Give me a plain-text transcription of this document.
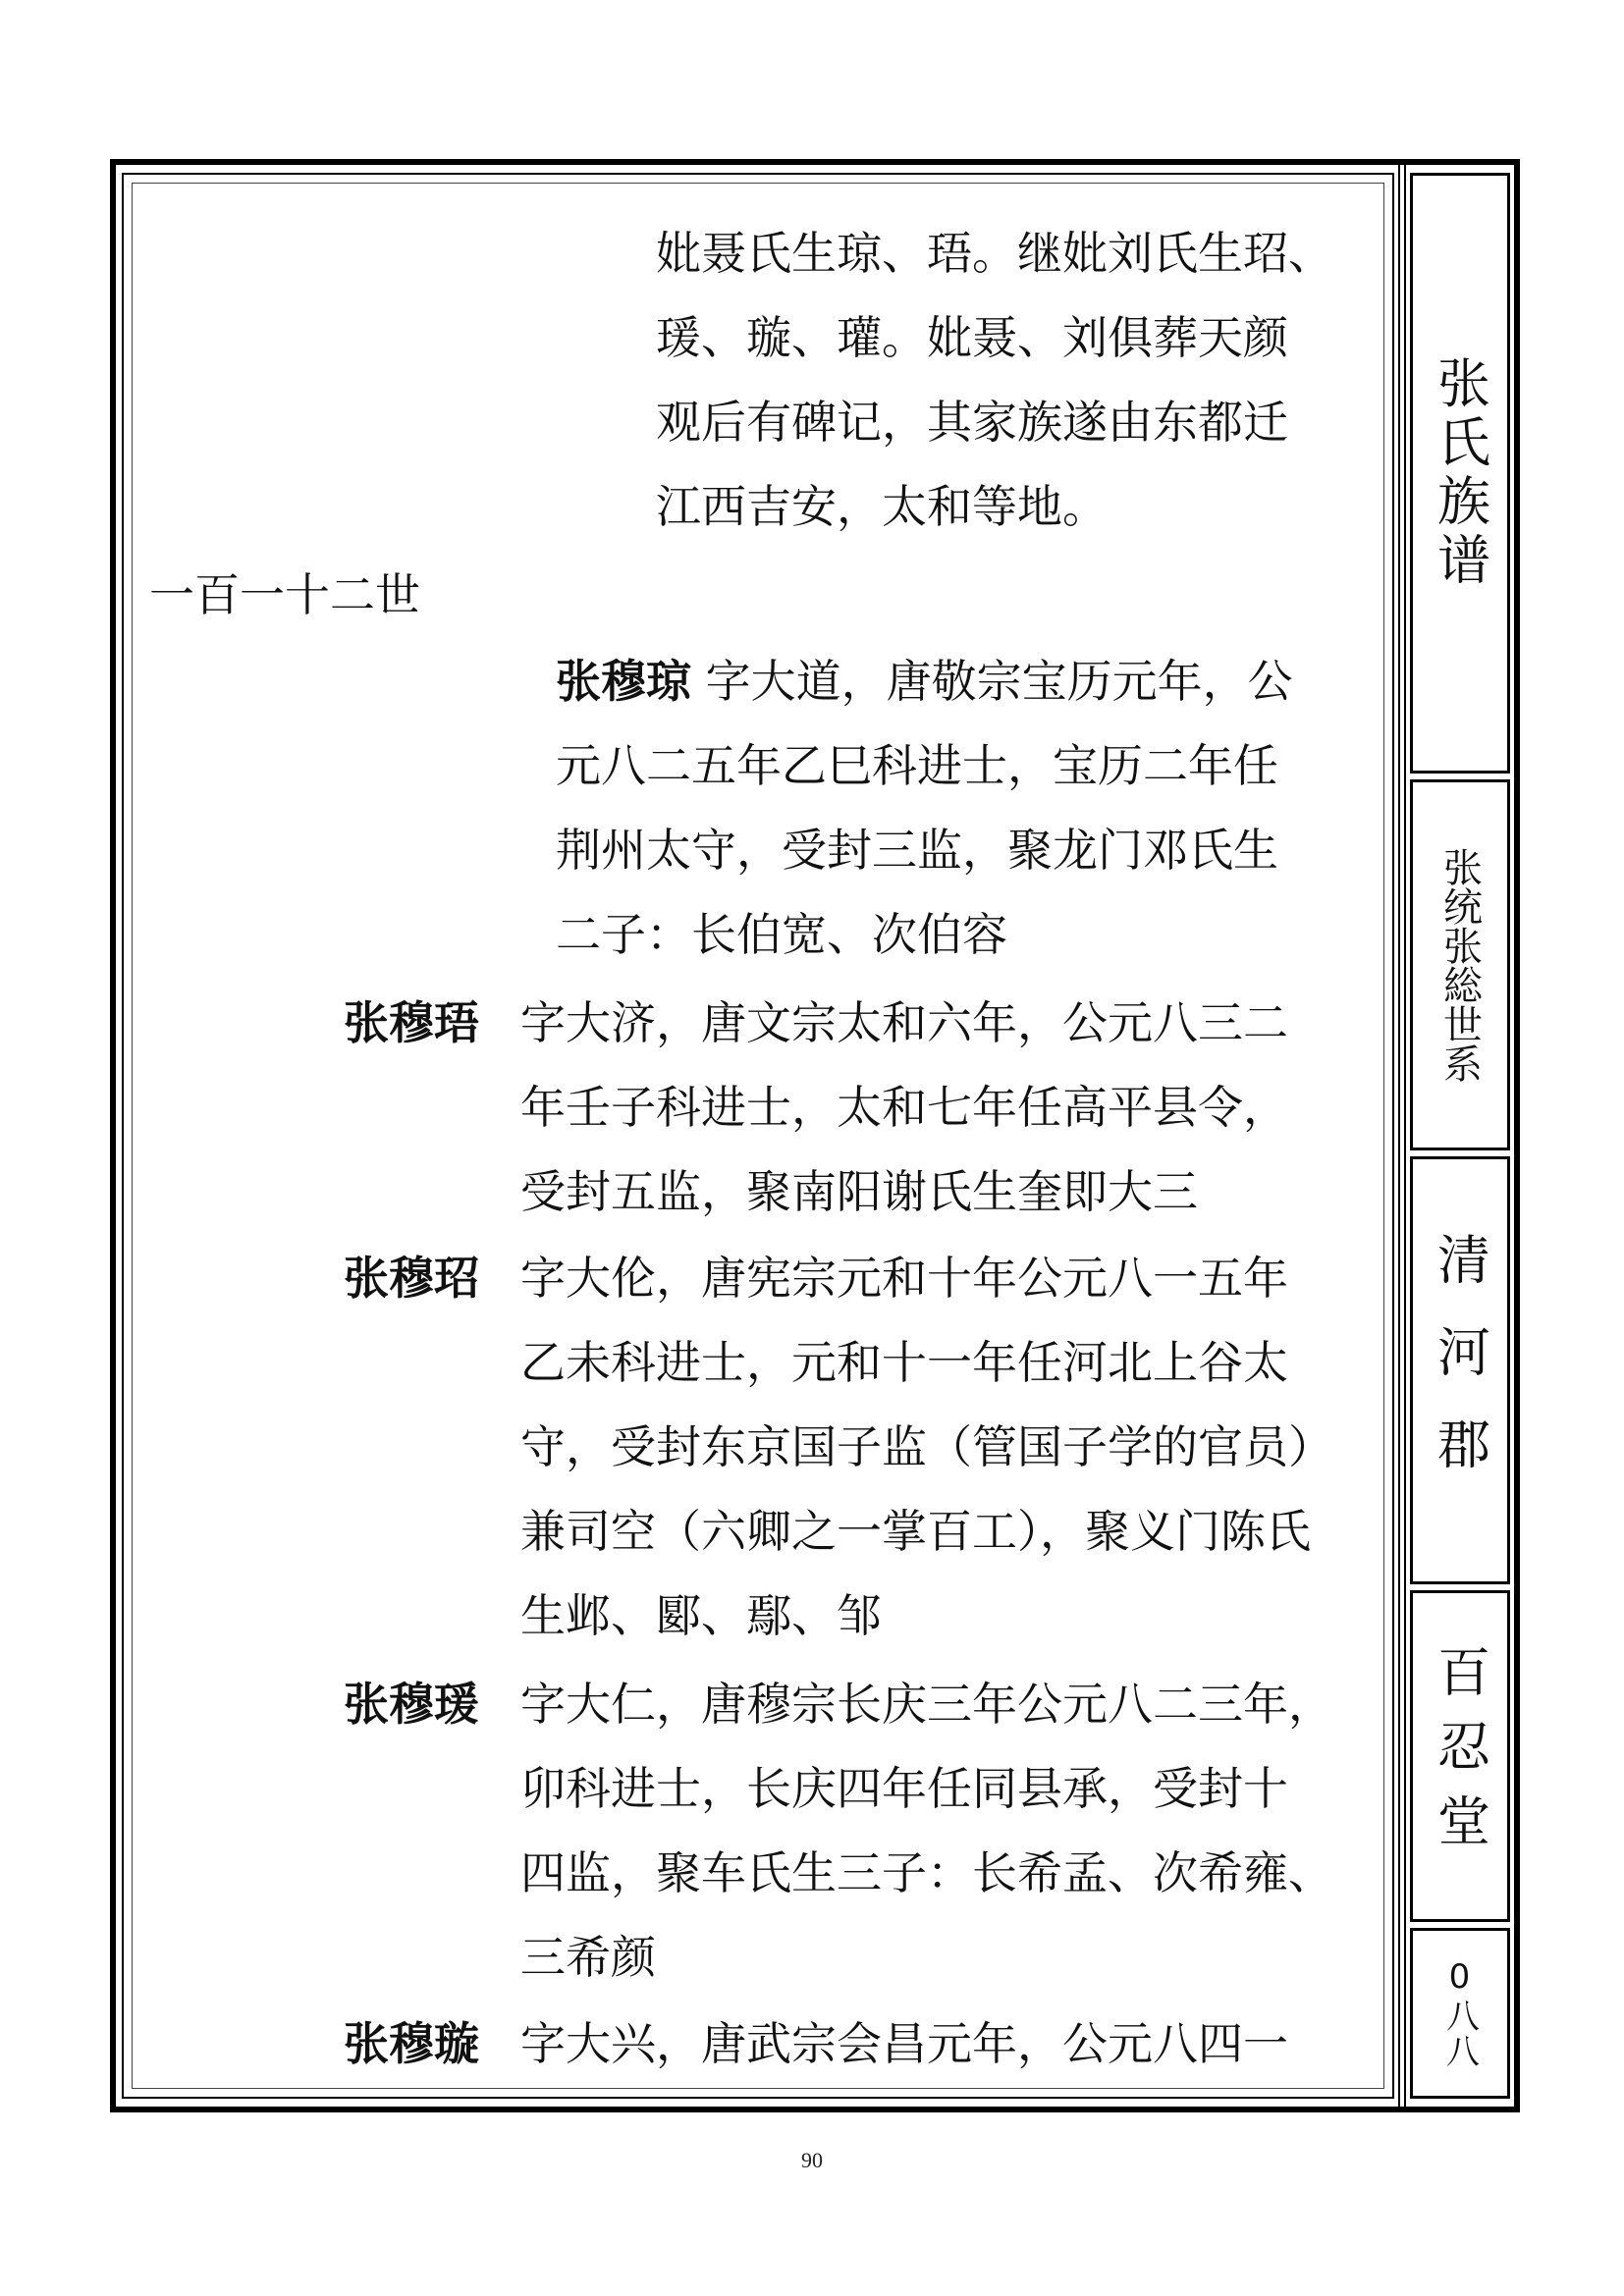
张氏族谱
张统张総世系
清河郡
百忍堂
0八八
妣聂氏生琼、珸。继妣刘氏生玿、
瑗、璇、瓘。妣聂、刘俱葬天颜
观后有碑记，其家族遂由东都迁
江西吉安，太和等地。
一百一十二世
张穆琼 字大道，唐敬宗宝历元年，公
元八二五年乙巳科进士，宝历二年任
荆州太守，受封三监，聚龙门邓氏生
二子：长伯宽、次伯容
张穆珸 字大济，唐文宗太和六年，公元八三二
年壬子科进士，太和七年任高平县令，
受封五监，聚南阳谢氏生奎即大三
张穆玿 字大伦，唐宪宗元和十年公元八一五年
乙未科进士，元和十一年任河北上谷太
守，受封东京国子监（管国子学的官员）
兼司空（六卿之一掌百工），聚义门陈氏
生邺、郾、鄢、邹
张穆瑗 字大仁，唐穆宗长庆三年公元八二三年，
卯科进士，长庆四年任同县承，受封十
四监，聚车氏生三子：长希孟、次希雍、
三希颜
张穆璇 字大兴，唐武宗会昌元年，公元八四一
90
